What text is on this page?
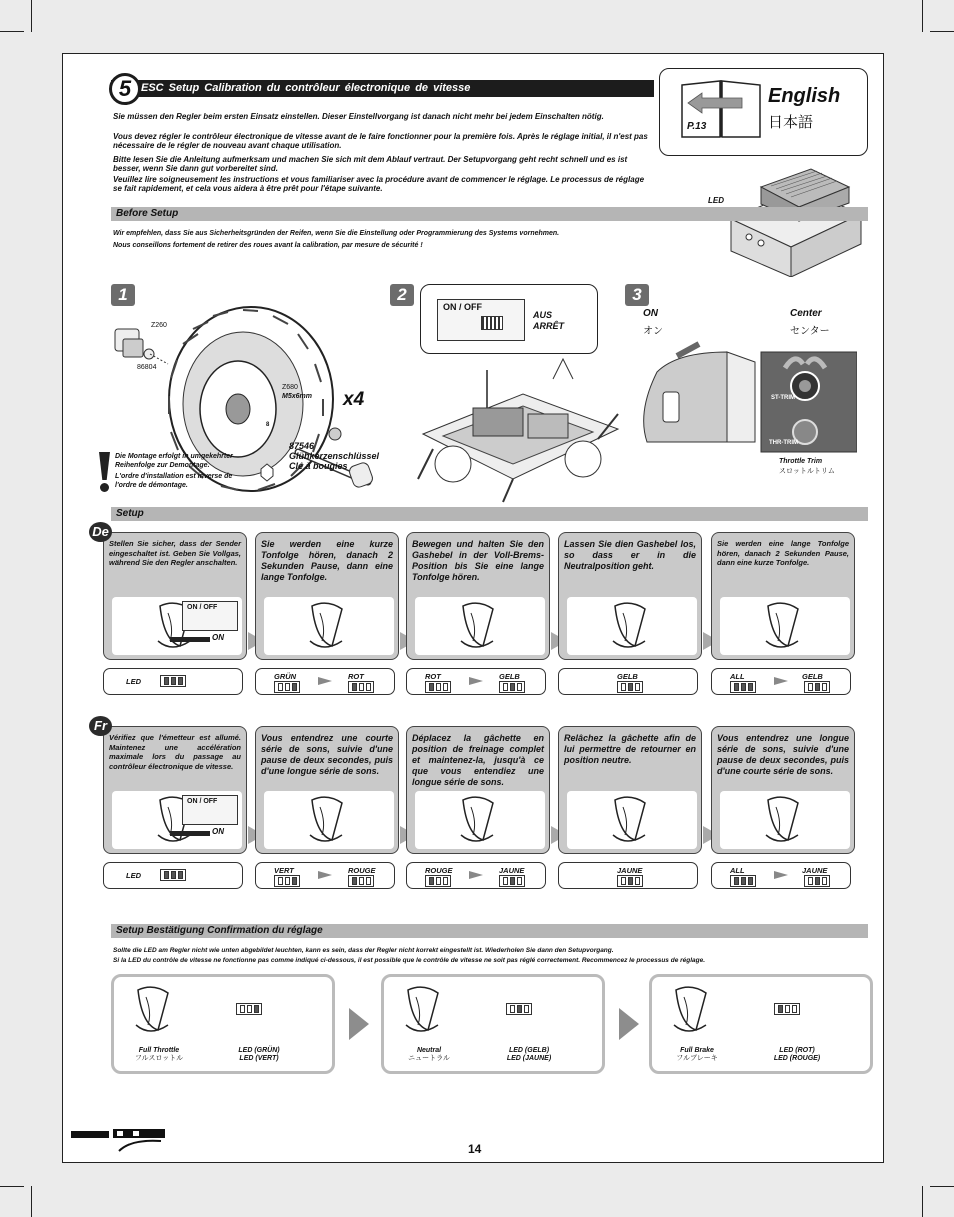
5 ESC Setup Calibration du contrôleur électronique de vitesse
Sie müssen den Regler beim ersten Einsatz einstellen. Dieser Einstellvorgang ist danach nicht mehr bei jedem Einschalten nötig.
Vous devez régler le contrôleur électronique de vitesse avant de le faire fonctionner pour la première fois. Après le réglage initial, il n'est pas nécessaire de le régler de nouveau avant chaque utilisation.
Bitte lesen Sie die Anleitung aufmerksam und machen Sie sich mit dem Ablauf vertraut. Der Setupvorgang geht recht schnell und es ist besser, wenn Sie dann gut vorbereitet sind.
Veuillez lire soigneusement les instructions et vous familiariser avec la procédure avant de commencer le réglage. Le processus de réglage se fait rapidement, et cela vous aidera à être prêt pour l'étape suivante.
P.13
English
日本語
LED
Before Setup
Wir empfehlen, dass Sie aus Sicherheitsgründen der Reifen, wenn Sie die Einstellung oder Programmierung des Systems vornehmen.
Nous conseillons fortement de retirer des roues avant la calibration, par mesure de sécurité !
1
Z260
86804
Z680
M5x6mm
8
x4
87546
Glühkerzenschlüssel
Clé à bougies
Die Montage erfolgt in umgekehrter Reihenfolge zur Demontage.
L'ordre d'installation est inverse de l'ordre de démontage.
2
ON / OFF
AUS
ARRÊT
3
ON
オン
Center
センター
ST-TRIM
THR-TRIM
Throttle Trim
スロットルトリム
Setup
De
Stellen Sie sicher, dass der Sender eingeschaltet ist. Geben Sie Vollgas, während Sie den Regler anschalten.
ON / OFF
ON
LED
Sie werden eine kurze Tonfolge hören, danach 2 Sekunden Pause, dann eine lange Tonfolge.
GRÜN	ROT
Bewegen und halten Sie den Gashebel in der Voll-Brems-Position bis Sie eine lange Tonfolge hören.
ROT	GELB
Lassen Sie dien Gashebel los, so dass er in die Neutralposition geht.
GELB
Sie werden eine lange Tonfolge hören, danach 2 Sekunden Pause, dann eine kurze Tonfolge.
ALL	GELB
Fr
Vérifiez que l'émetteur est allumé. Maintenez une accélération maximale lors du passage au contrôleur électronique de vitesse.
ON / OFF
ON
LED
Vous entendrez une courte série de sons, suivie d'une pause de deux secondes, puis d'une longue série de sons.
VERT	ROUGE
Déplacez la gâchette en position de freinage complet et maintenez-la, jusqu'à ce que vous entendiez une longue série de sons.
ROUGE	JAUNE
Relâchez la gâchette afin de lui permettre de retourner en position neutre.
JAUNE
Vous entendrez une longue série de sons, suivie d'une pause de deux secondes, puis d'une courte série de sons.
ALL	JAUNE
Setup Bestätigung Confirmation du réglage
Sollte die LED am Regler nicht wie unten abgebildet leuchten, kann es sein, dass der Regler nicht korrekt eingestellt ist. Wiederholen Sie dann den Setupvorgang.
Si la LED du contrôle de vitesse ne fonctionne pas comme indiqué ci-dessous, il est possible que le contrôle de vitesse ne soit pas réglé correctement. Recommencez le processus de réglage.
Full Throttle
フルスロットル
LED (GRÜN)
LED (VERT)
Neutral
ニュートラル
LED (GELB)
LED (JAUNE)
Full Brake
フルブレーキ
LED (ROT)
LED (ROUGE)
14
